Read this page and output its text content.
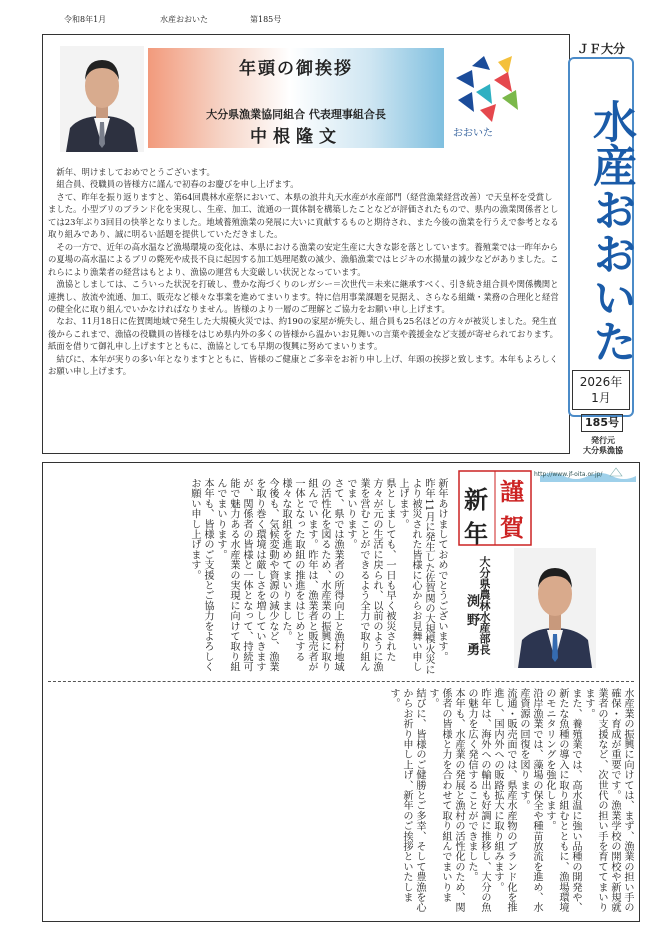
令和8年1月	水産おおいた	第185号
年頭の御挨拶
大分県漁業協同組合 代表理事組合長
中根隆文	おおいた

新年、明けましておめでとうございます。

組合員、役職員の皆様方に謹んで初春のお慶びを申し上げます。

さて、昨年を振り返りますと、第64回農林水産祭において、本県の浪井丸天水産が水産部門（経営漁業経営改善）で天皇杯を受賞しました。小型ブリのブランド化を実現し、生産、加工、流通の一貫体制を構築したことなどが評価されたもので、県内の漁業関係者としては23年ぶり3回目の快挙となりました。地域養殖漁業の発展に大いに貢献するものと期待され、また今後の漁業を行うえで参考となる取り組みであり、誠に明るい話題を提供していただきました。

その一方で、近年の高水温など漁場環境の変化は、本県における漁業の安定生産に大きな影を落としています。養殖業では一昨年からの夏場の高水温によるブリの斃死や成長不良に起因する加工処理尾数の減少、漁船漁業ではヒジキの水揚量の減少などがありました。これらにより漁業者の経営はもとより、漁協の運営も大変厳しい状況となっています。

漁協としましては、こういった状況を打破し、豊かな海づくりのレガシー＝次世代＝未来に継承すべく、引き続き組合員や関係機関と連携し、放流や流通、加工、販売など様々な事業を進めてまいります。特に信用事業課題を見据え、さらなる組織・業務の合理化と経営の健全化に取り組んでいかなければなりません。皆様のより一層のご理解とご協力をお願い申し上げます。

なお、11月18日に佐賀関地域で発生した大規模火災では、約190の家屋が焼失し、組合員も25名ほどの方々が被災しました。発生直後からこれまで、漁協の役職員の皆様をはじめ県内外の多くの皆様から温かいお見舞いの言葉や義援金など支援が寄せられております。紙面を借りて御礼申し上げますとともに、漁協としても早期の復興に努めてまいります。

結びに、本年が実りの多い年となりますとともに、皆様のご健康とご多幸をお祈り申し上げ、年頭の挨拶と致します。本年もよろしくお願い申し上げます。

ＪＦ大分
水産おおいた
2026年
1月
185号
発行元
大分県漁協
http://www.jf-oita.or.jp/
謹
賀
新
年
大分県農林水産部長
渕野 勇

新年あけましておめでとうございます。

昨年11月に発生した佐賀関の大規模火災により被災された皆様に心からお見舞い申し上げます。

県としましても、一日も早く被災された方々が元の生活に戻られ、以前のように漁業を営むことができるよう全力で取り組んでまいります。

さて、県では漁業者の所得向上と漁村地域の活性化を図るため、水産業の振興に取り組んでいます。昨年は、漁業者と販売者が一体となった取組の推進をはじめとする様々な取組を進めてまいりました。

今後も、気候変動や資源の減少など、漁業を取り巻く環境は厳しさを増していきますが、関係者の皆様と一体となって、持続可能で魅力ある水産業の実現に向けて取り組んでまいります。

本年も、皆様のご支援とご協力をよろしくお願い申し上げます。

水産業の振興に向けては、まず、漁業の担い手の確保・育成が重要です。漁業学校の開校や新規就業者の支援など、次世代の担い手を育ててまいります。

また、養殖業では、高水温に強い品種の開発や、新たな魚種の導入に取り組むとともに、漁場環境のモニタリングを強化します。

沿岸漁業では、藻場の保全や種苗放流を進め、水産資源の回復を図ります。

流通・販売面では、県産水産物のブランド化を推進し、国内外への販路拡大に取り組みます。

昨年は、海外への輸出も好調に推移し、大分の魚の魅力を広く発信することができました。

本年も、水産業の発展と漁村の活性化のため、関係者の皆様と力を合わせて取り組んでまいります。

結びに、皆様のご健勝とご多幸、そして豊漁を心からお祈り申し上げ、新年のご挨拶といたします。
